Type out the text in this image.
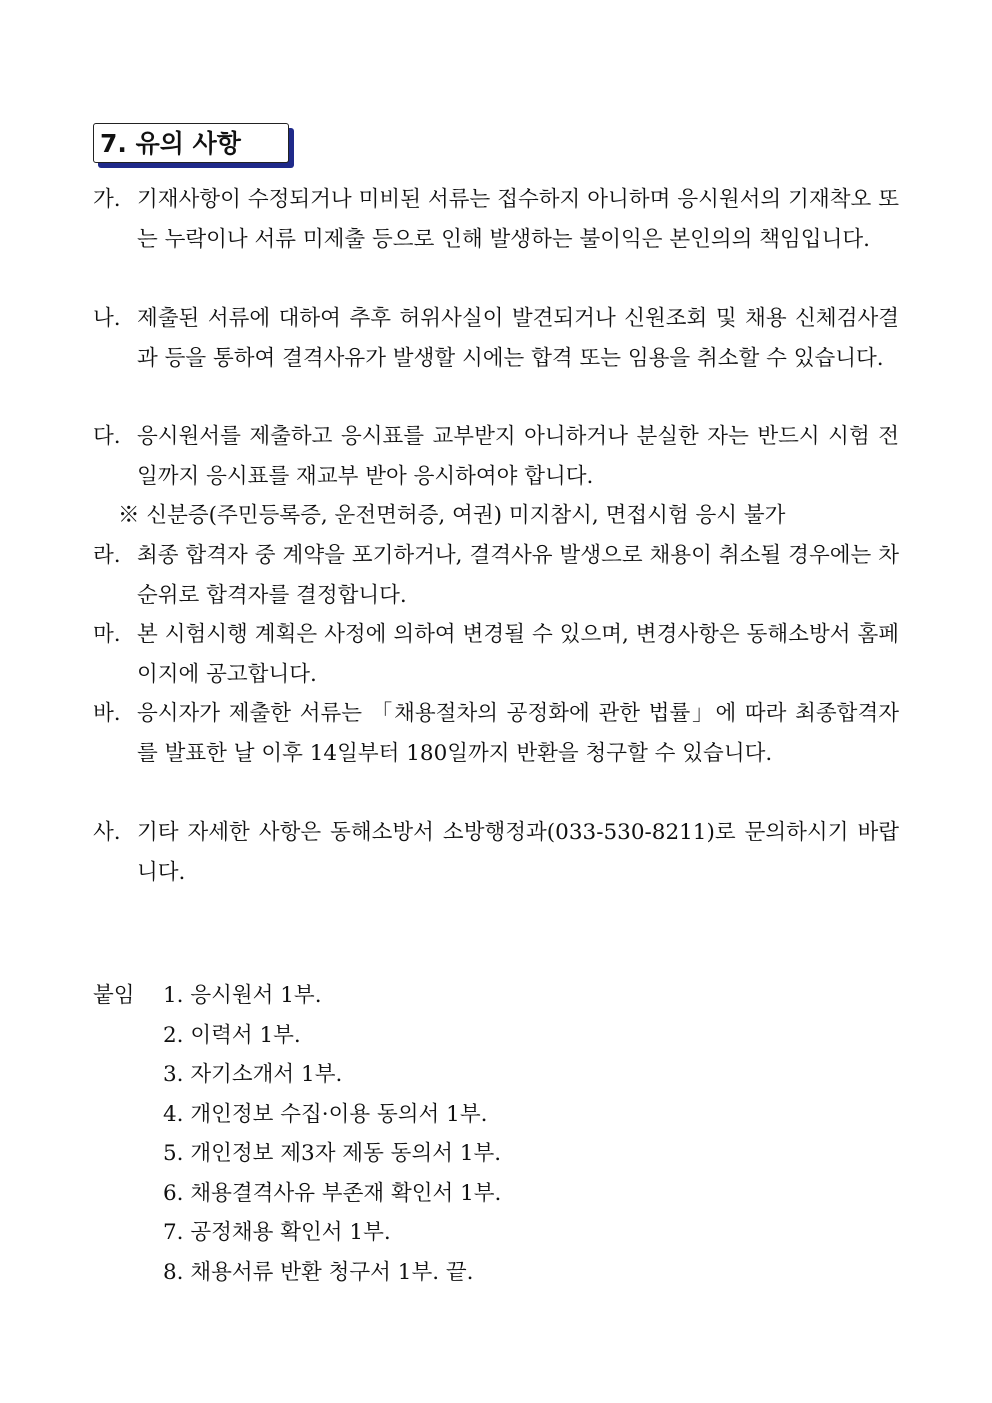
7. 유의 사항
가. 기재사항이 수정되거나 미비된 서류는 접수하지 아니하며 응시원서의 기재착오 또는 누락이나 서류 미제출 등으로 인해 발생하는 불이익은 본인의의 책임입니다.
나. 제출된 서류에 대하여 추후 허위사실이 발견되거나 신원조회 및 채용 신체검사결과 등을 통하여 결격사유가 발생할 시에는 합격 또는 임용을 취소할 수 있습니다.
다. 응시원서를 제출하고 응시표를 교부받지 아니하거나 분실한 자는 반드시 시험 전일까지 응시표를 재교부 받아 응시하여야 합니다.
※ 신분증(주민등록증, 운전면허증, 여권) 미지참시, 면접시험 응시 불가
라. 최종 합격자 중 계약을 포기하거나, 결격사유 발생으로 채용이 취소될 경우에는 차순위로 합격자를 결정합니다.
마. 본 시험시행 계획은 사정에 의하여 변경될 수 있으며, 변경사항은 동해소방서 홈페이지에 공고합니다.
바. 응시자가 제출한 서류는 「채용절차의 공정화에 관한 법률」에 따라 최종합격자를 발표한 날 이후 14일부터 180일까지 반환을 청구할 수 있습니다.
사. 기타 자세한 사항은 동해소방서 소방행정과(033-530-8211)로 문의하시기 바랍니다.
붙임 1. 응시원서 1부.
2. 이력서 1부.
3. 자기소개서 1부.
4. 개인정보 수집·이용 동의서 1부.
5. 개인정보 제3자 제동 동의서 1부.
6. 채용결격사유 부존재 확인서 1부.
7. 공정채용 확인서 1부.
8. 채용서류 반환 청구서 1부. 끝.
